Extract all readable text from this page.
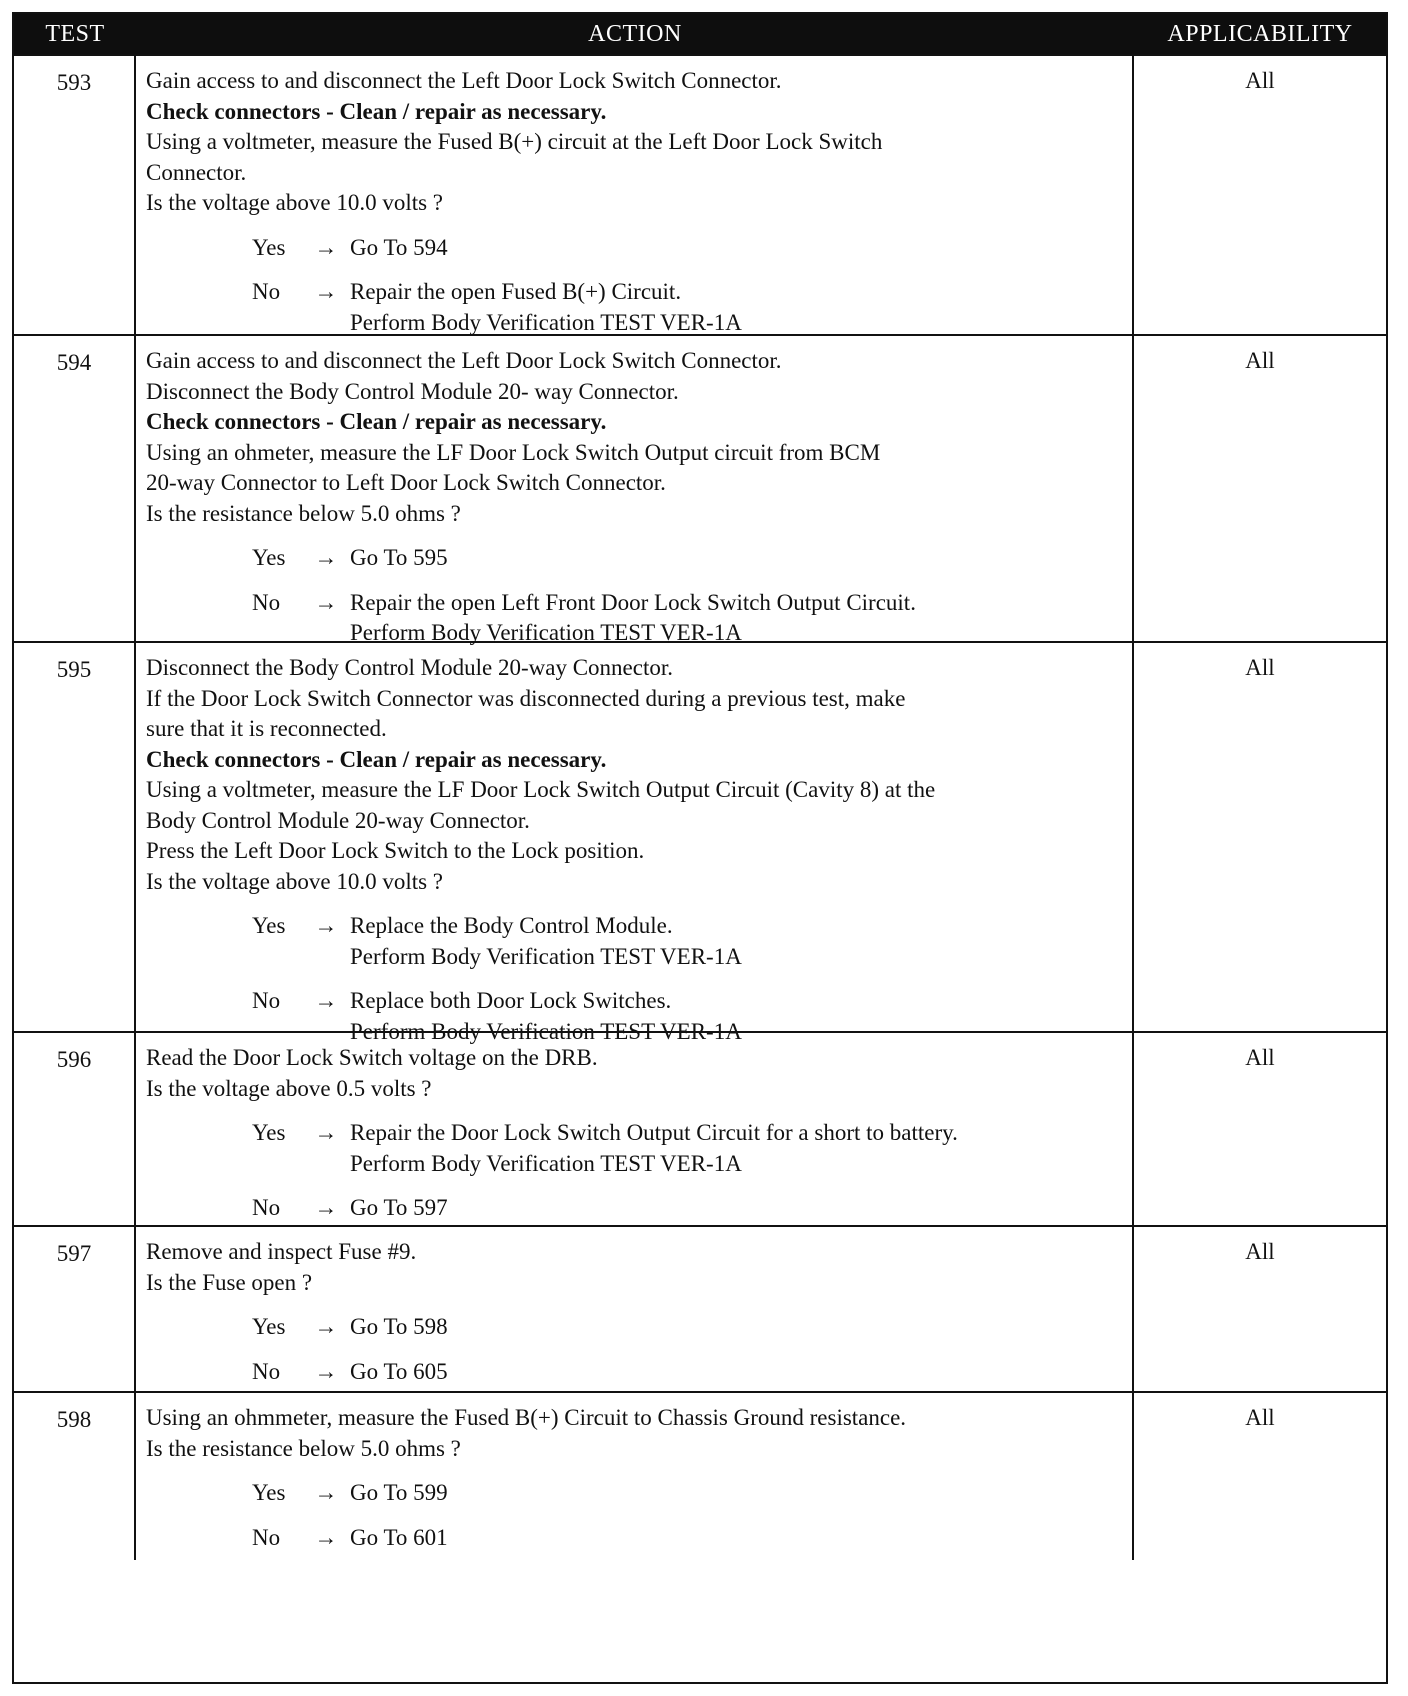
TEST	ACTION	APPLICABILITY
593	Gain access to and disconnect the Left Door Lock Switch Connector.
Check connectors - Clean / repair as necessary.
Using a voltmeter, measure the Fused B(+) circuit at the Left Door Lock Switch
Connector.
Is the voltage above 10.0 volts ?
Yes	→ Go To 594
No	→ Repair the open Fused B(+) Circuit.
Perform Body Verification TEST VER-1A
All
594	Gain access to and disconnect the Left Door Lock Switch Connector.
Disconnect the Body Control Module 20- way Connector.
Check connectors - Clean / repair as necessary.
Using an ohmeter, measure the LF Door Lock Switch Output circuit from BCM
20-way Connector to Left Door Lock Switch Connector.
Is the resistance below 5.0 ohms ?
Yes	→ Go To 595
No	→ Repair the open Left Front Door Lock Switch Output Circuit.
Perform Body Verification TEST VER-1A
All
595	Disconnect the Body Control Module 20-way Connector.
If the Door Lock Switch Connector was disconnected during a previous test, make
sure that it is reconnected.
Check connectors - Clean / repair as necessary.
Using a voltmeter, measure the LF Door Lock Switch Output Circuit (Cavity 8) at the
Body Control Module 20-way Connector.
Press the Left Door Lock Switch to the Lock position.
Is the voltage above 10.0 volts ?
Yes	→ Replace the Body Control Module.
Perform Body Verification TEST VER-1A
No	→ Replace both Door Lock Switches.
Perform Body Verification TEST VER-1A
All
596	Read the Door Lock Switch voltage on the DRB.
Is the voltage above 0.5 volts ?
Yes	→ Repair the Door Lock Switch Output Circuit for a short to battery.
Perform Body Verification TEST VER-1A
No	→ Go To 597
All
597	Remove and inspect Fuse #9.
Is the Fuse open ?
Yes	→ Go To 598
No	→ Go To 605
All
598	Using an ohmmeter, measure the Fused B(+) Circuit to Chassis Ground resistance.
Is the resistance below 5.0 ohms ?
Yes	→ Go To 599
No	→ Go To 601
All
